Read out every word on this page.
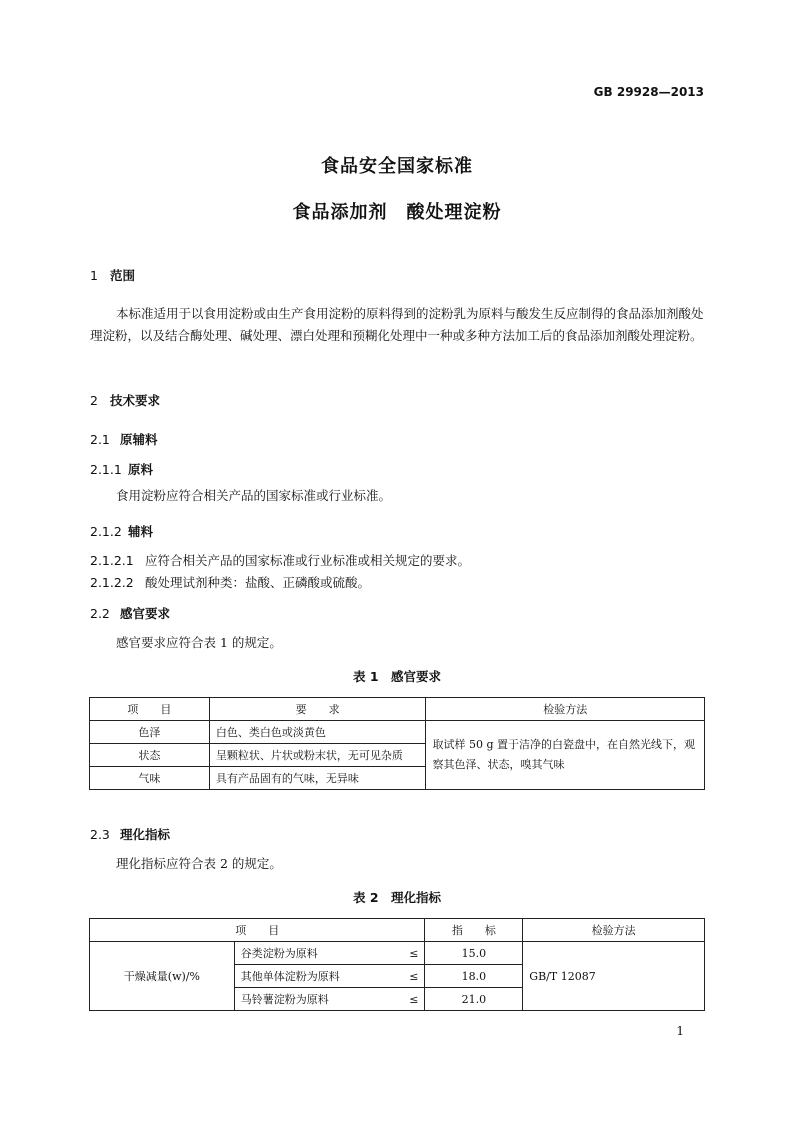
GB 29928—2013
食品安全国家标准
食品添加剂　酸处理淀粉
1 范围
本标准适用于以食用淀粉或由生产食用淀粉的原料得到的淀粉乳为原料与酸发生反应制得的食品添加剂酸处理淀粉，以及结合酶处理、碱处理、漂白处理和预糊化处理中一种或多种方法加工后的食品添加剂酸处理淀粉。
2 技术要求
2.1 原辅料
2.1.1 原料
食用淀粉应符合相关产品的国家标准或行业标准。
2.1.2 辅料
2.1.2.1 应符合相关产品的国家标准或行业标准或相关规定的要求。
2.1.2.2 酸处理试剂种类：盐酸、正磷酸或硫酸。
2.2 感官要求
感官要求应符合表 1 的规定。
表 1　感官要求
项　　目	要　　求	检验方法
色泽	白色、类白色或淡黄色	取试样 50 g 置于洁净的白瓷盘中，在自然光线下，观察其色泽、状态，嗅其气味
状态	呈颗粒状、片状或粉末状，无可见杂质	
气味	具有产品固有的气味，无异味	
2.3 理化指标
理化指标应符合表 2 的规定。
表 2　理化指标
项　　目			指　　标	检验方法
干燥减量(w)/%	谷类淀粉为原料	≤	15.0	GB/T 12087
	其他单体淀粉为原料	≤	18.0	
	马铃薯淀粉为原料	≤	21.0	
1
